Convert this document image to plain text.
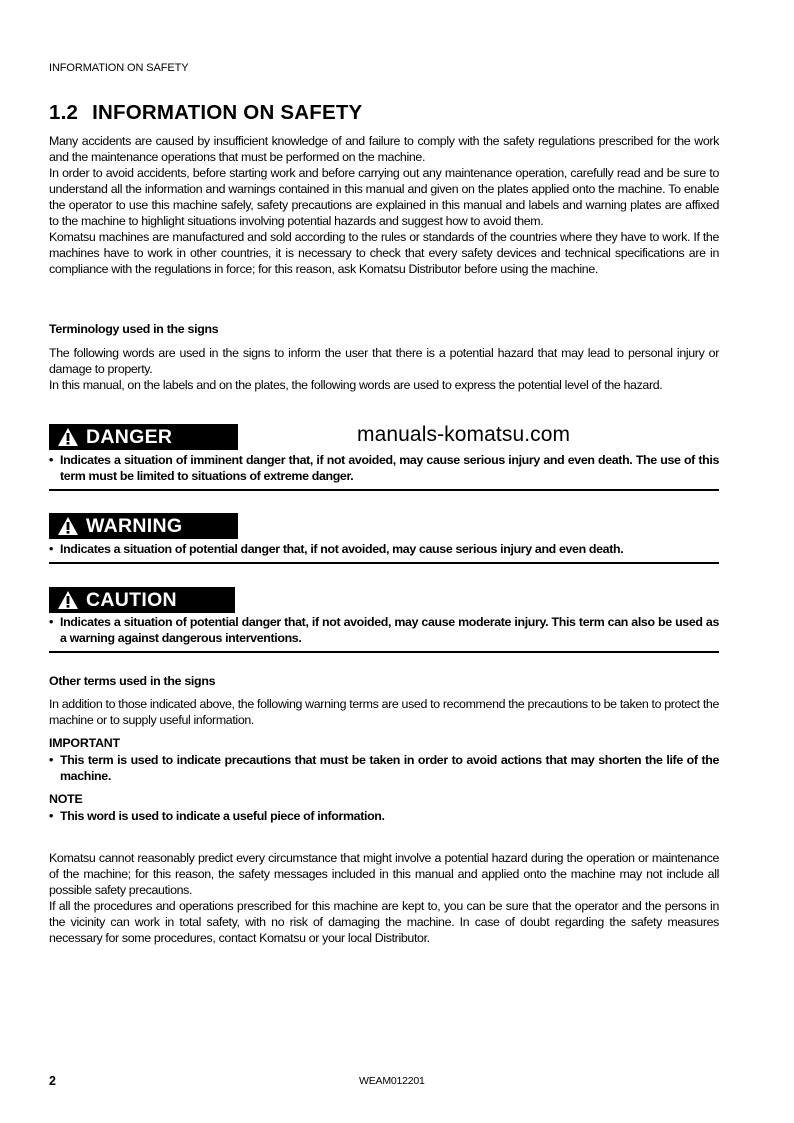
INFORMATION ON SAFETY
1.2 INFORMATION ON SAFETY

Many accidents are caused by insufficient knowledge of and failure to comply with the safety regulations prescribed for the work and the maintenance operations that must be performed on the machine.

In order to avoid accidents, before starting work and before carrying out any maintenance operation, carefully read and be sure to understand all the information and warnings contained in this manual and given on the plates applied onto the machine. To enable the operator to use this machine safely, safety precautions are explained in this manual and labels and warning plates are affixed to the machine to highlight situations involving potential hazards and suggest how to avoid them.

Komatsu machines are manufactured and sold according to the rules or standards of the countries where they have to work. If the machines have to work in other countries, it is necessary to check that every safety devices and technical specifications are in compliance with the regulations in force; for this reason, ask Komatsu Distributor before using the machine.

Terminology used in the signs

The following words are used in the signs to inform the user that there is a potential hazard that may lead to personal injury or damage to property.

In this manual, on the labels and on the plates, the following words are used to express the potential level of the hazard.

DANGER	manuals-komatsu.com
• Indicates a situation of imminent danger that, if not avoided, may cause serious injury and even death. The use of this term must be limited to situations of extreme danger.
WARNING
• Indicates a situation of potential danger that, if not avoided, may cause serious injury and even death.
CAUTION
• Indicates a situation of potential danger that, if not avoided, may cause moderate injury. This term can also be used as a warning against dangerous interventions.
Other terms used in the signs

In addition to those indicated above, the following warning terms are used to recommend the precautions to be taken to protect the machine or to supply useful information.

IMPORTANT
• This term is used to indicate precautions that must be taken in order to avoid actions that may shorten the life of the machine.
NOTE
• This word is used to indicate a useful piece of information.

Komatsu cannot reasonably predict every circumstance that might involve a potential hazard during the operation or maintenance of the machine; for this reason, the safety messages included in this manual and applied onto the machine may not include all possible safety precautions.

If all the procedures and operations prescribed for this machine are kept to, you can be sure that the operator and the persons in the vicinity can work in total safety, with no risk of damaging the machine. In case of doubt regarding the safety measures necessary for some procedures, contact Komatsu or your local Distributor.

2	WEAM012201
